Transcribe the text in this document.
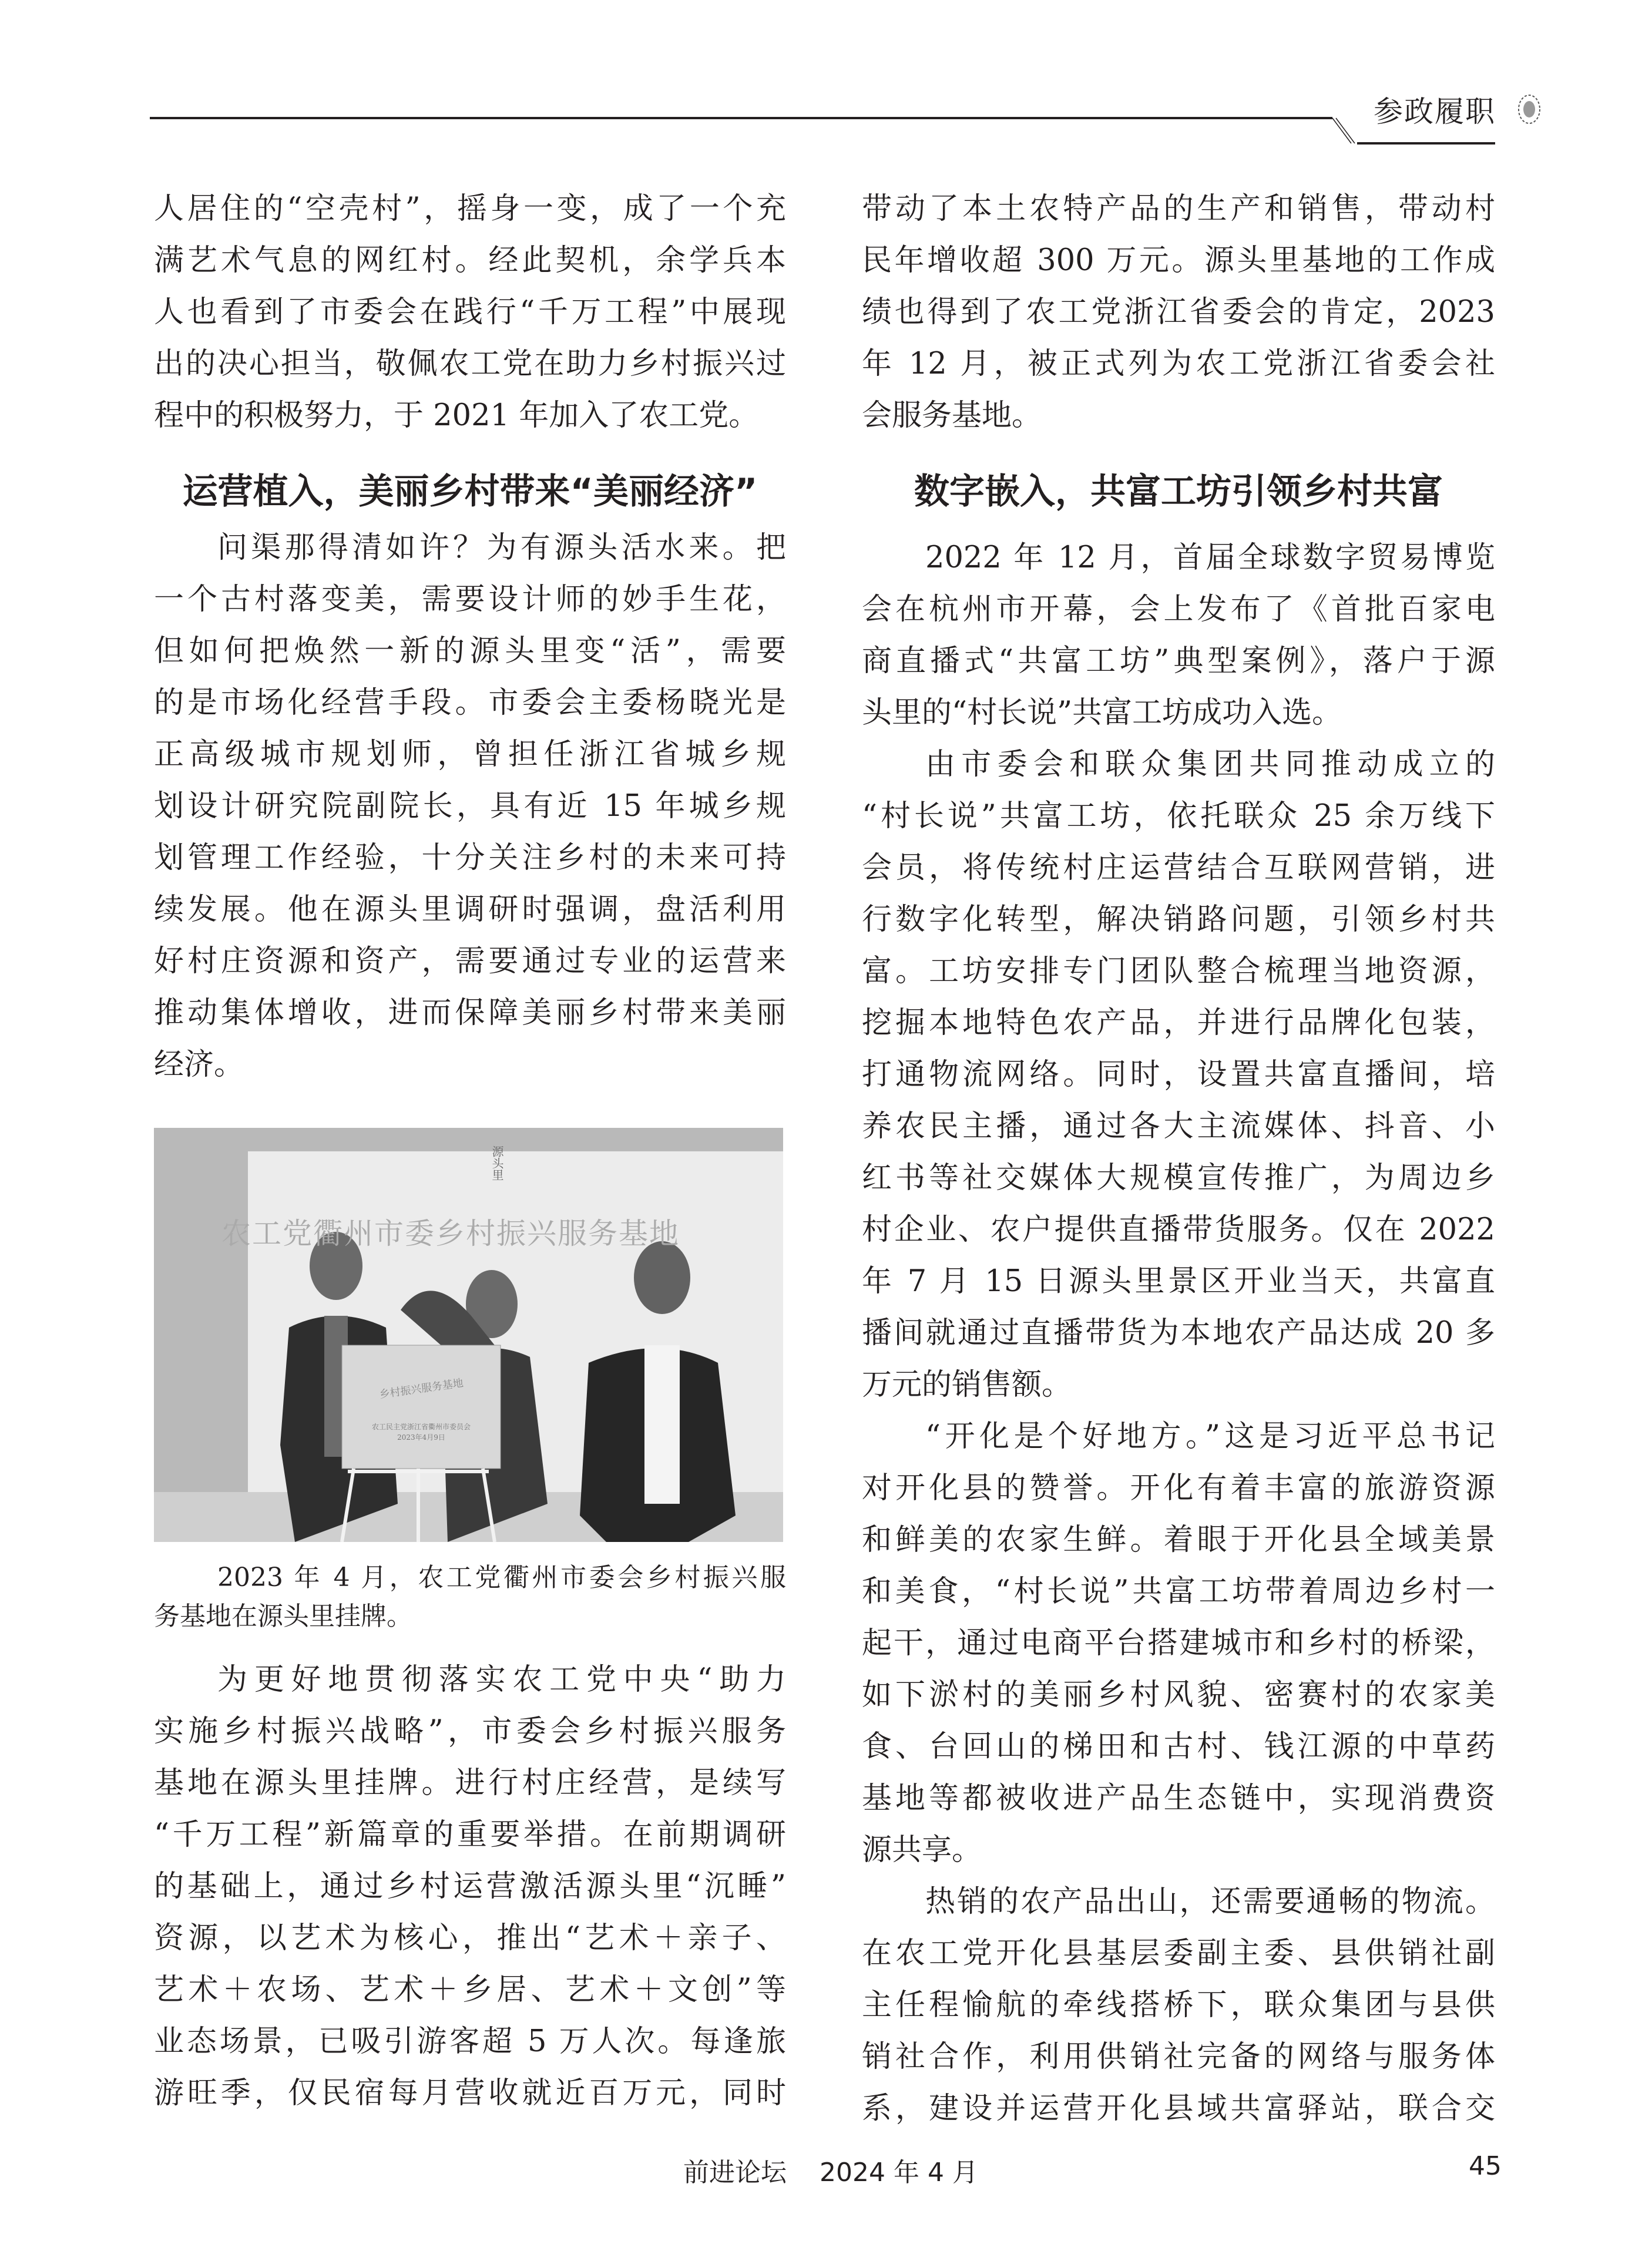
参政履职
人居住的“空壳村”，摇身一变，成了一个充
满艺术气息的网红村。经此契机，余学兵本
人也看到了市委会在践行“千万工程”中展现
出的决心担当，敬佩农工党在助力乡村振兴过
程中的积极努力，于 2021 年加入了农工党。
运营植入，美丽乡村带来“美丽经济”
问渠那得清如许？为有源头活水来。把
一个古村落变美，需要设计师的妙手生花，
但如何把焕然一新的源头里变“活”，需要
的是市场化经营手段。市委会主委杨晓光是
正高级城市规划师，曾担任浙江省城乡规
划设计研究院副院长，具有近 15 年城乡规
划管理工作经验，十分关注乡村的未来可持
续发展。他在源头里调研时强调，盘活利用
好村庄资源和资产，需要通过专业的运营来
推动集体增收，进而保障美丽乡村带来美丽
经济。
农工党衢州市委乡村振兴服务基地
源头里
乡村振兴服务基地
农工民主党浙江省衢州市委员会
2023年4月9日
2023 年 4 月，农工党衢州市委会乡村振兴服
务基地在源头里挂牌。
为更好地贯彻落实农工党中央“助力
实施乡村振兴战略”，市委会乡村振兴服务
基地在源头里挂牌。进行村庄经营，是续写
“千万工程”新篇章的重要举措。在前期调研
的基础上，通过乡村运营激活源头里“沉睡”
资源，以艺术为核心，推出“艺术＋亲子、
艺术＋农场、艺术＋乡居、艺术＋文创”等
业态场景，已吸引游客超 5 万人次。每逢旅
游旺季，仅民宿每月营收就近百万元，同时
带动了本土农特产品的生产和销售，带动村
民年增收超 300 万元。源头里基地的工作成
绩也得到了农工党浙江省委会的肯定，2023
年 12 月，被正式列为农工党浙江省委会社
会服务基地。
数字嵌入，共富工坊引领乡村共富
2022 年 12 月，首届全球数字贸易博览
会在杭州市开幕，会上发布了《首批百家电
商直播式“共富工坊”典型案例》，落户于源
头里的“村长说”共富工坊成功入选。
由市委会和联众集团共同推动成立的
“村长说”共富工坊，依托联众 25 余万线下
会员，将传统村庄运营结合互联网营销，进
行数字化转型，解决销路问题，引领乡村共
富。工坊安排专门团队整合梳理当地资源，
挖掘本地特色农产品，并进行品牌化包装，
打通物流网络。同时，设置共富直播间，培
养农民主播，通过各大主流媒体、抖音、小
红书等社交媒体大规模宣传推广，为周边乡
村企业、农户提供直播带货服务。仅在 2022
年 7 月 15 日源头里景区开业当天，共富直
播间就通过直播带货为本地农产品达成 20 多
万元的销售额。
“开化是个好地方。”这是习近平总书记
对开化县的赞誉。开化有着丰富的旅游资源
和鲜美的农家生鲜。着眼于开化县全域美景
和美食，“村长说”共富工坊带着周边乡村一
起干，通过电商平台搭建城市和乡村的桥梁，
如下淤村的美丽乡村风貌、密赛村的农家美
食、台回山的梯田和古村、钱江源的中草药
基地等都被收进产品生态链中，实现消费资
源共享。
热销的农产品出山，还需要通畅的物流。
在农工党开化县基层委副主委、县供销社副
主任程愉航的牵线搭桥下，联众集团与县供
销社合作，利用供销社完备的网络与服务体
系，建设并运营开化县域共富驿站，联合交
前进论坛 2024 年 4 月	45
